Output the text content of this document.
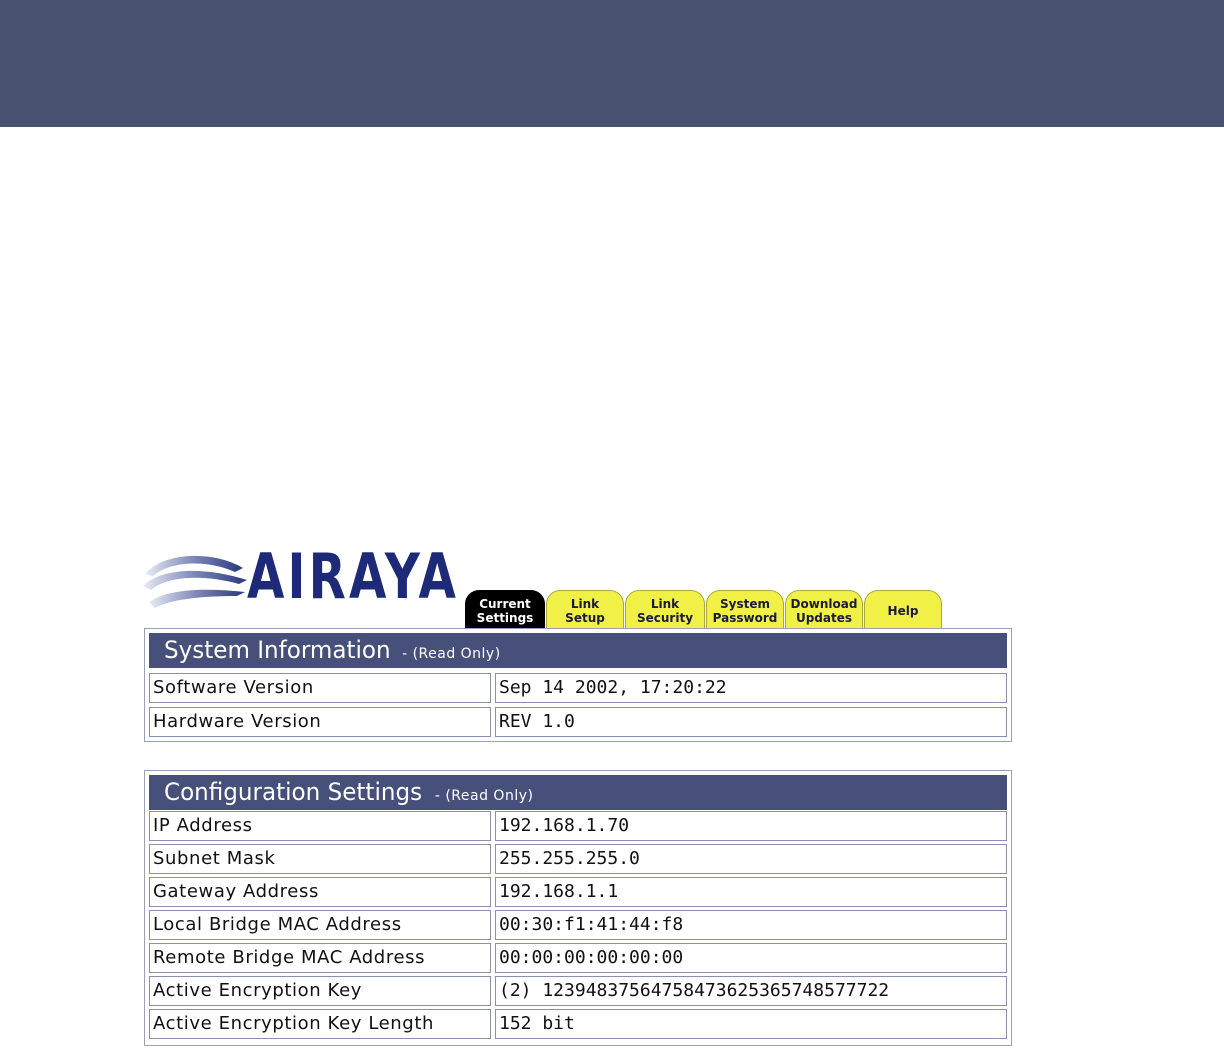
AIRAYA Current
Settings
Link
Setup
Link
Security
System
Password
Download
Updates	Help
System Information - (Read Only)
Software Version	Sep 14 2002, 17:20:22
Hardware Version	REV 1.0
Configuration Settings - (Read Only)
IP Address	192.168.1.70
Subnet Mask	255.255.255.0
Gateway Address	192.168.1.1
Local Bridge MAC Address	00:30:f1:41:44:f8
Remote Bridge MAC Address	00:00:00:00:00:00
Active Encryption Key	(2) 12394837564758473625365748577722
Active Encryption Key Length	152 bit
